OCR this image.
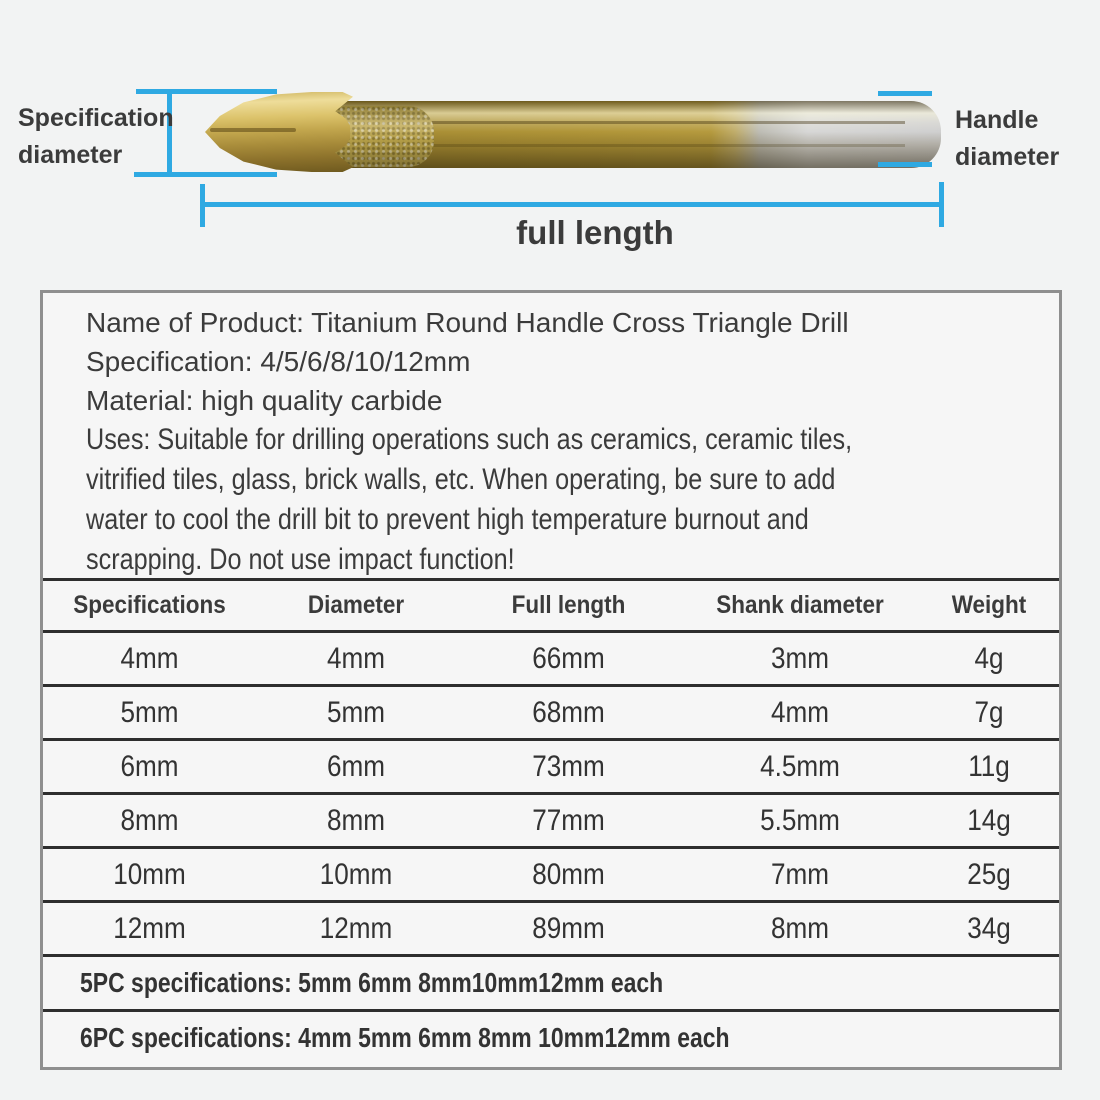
Specification
diameter
Handle
diameter
full length
Name of Product: Titanium Round Handle Cross Triangle Drill
Specification: 4/5/6/8/10/12mm
Material: high quality carbide
Uses: Suitable for drilling operations such as ceramics, ceramic tiles,
vitrified tiles, glass, brick walls, etc. When operating, be sure to add
water to cool the drill bit to prevent high temperature burnout and
scrapping. Do not use impact function!
Specifications	Diameter	Full length	Shank diameter	Weight
4mm	4mm	66mm	3mm	4g
5mm	5mm	68mm	4mm	7g
6mm	6mm	73mm	4.5mm	11g
8mm	8mm	77mm	5.5mm	14g
10mm	10mm	80mm	7mm	25g
12mm	12mm	89mm	8mm	34g
5PC specifications: 5mm 6mm 8mm10mm12mm each
6PC specifications: 4mm 5mm 6mm 8mm 10mm12mm each
